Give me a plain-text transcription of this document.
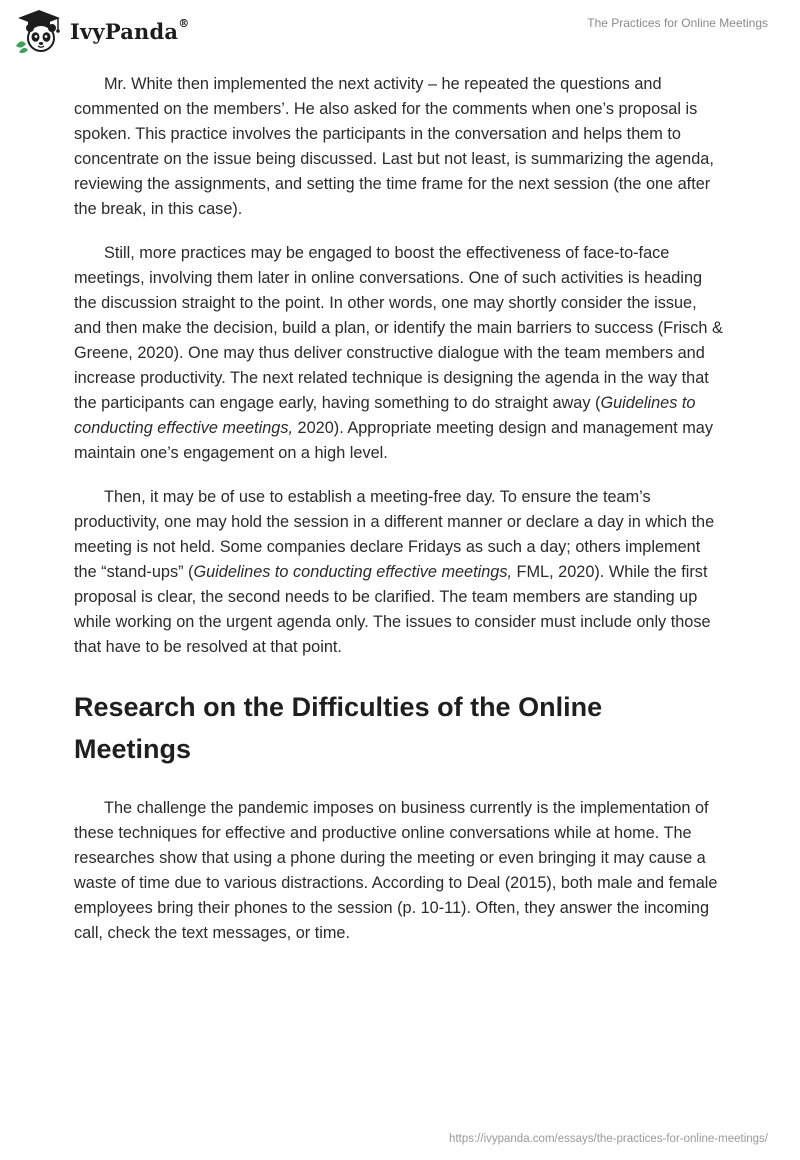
IvyPanda®	The Practices for Online Meetings

Mr. White then implemented the next activity – he repeated the questions and commented on the members’. He also asked for the comments when one’s proposal is spoken. This practice involves the participants in the conversation and helps them to concentrate on the issue being discussed. Last but not least, is summarizing the agenda, reviewing the assignments, and setting the time frame for the next session (the one after the break, in this case).

Still, more practices may be engaged to boost the effectiveness of face-to-face meetings, involving them later in online conversations. One of such activities is heading the discussion straight to the point. In other words, one may shortly consider the issue, and then make the decision, build a plan, or identify the main barriers to success (Frisch & Greene, 2020). One may thus deliver constructive dialogue with the team members and increase productivity. The next related technique is designing the agenda in the way that the participants can engage early, having something to do straight away (Guidelines to conducting effective meetings, 2020). Appropriate meeting design and management may maintain one’s engagement on a high level.

Then, it may be of use to establish a meeting-free day. To ensure the team’s productivity, one may hold the session in a different manner or declare a day in which the meeting is not held. Some companies declare Fridays as such a day; others implement the “stand-ups” (Guidelines to conducting effective meetings, FML, 2020). While the first proposal is clear, the second needs to be clarified. The team members are standing up while working on the urgent agenda only. The issues to consider must include only those that have to be resolved at that point.

Research on the Difficulties of the Online Meetings

The challenge the pandemic imposes on business currently is the implementation of these techniques for effective and productive online conversations while at home. The researches show that using a phone during the meeting or even bringing it may cause a waste of time due to various distractions. According to Deal (2015), both male and female employees bring their phones to the session (p. 10-11). Often, they answer the incoming call, check the text messages, or time.

https://ivypanda.com/essays/the-practices-for-online-meetings/
